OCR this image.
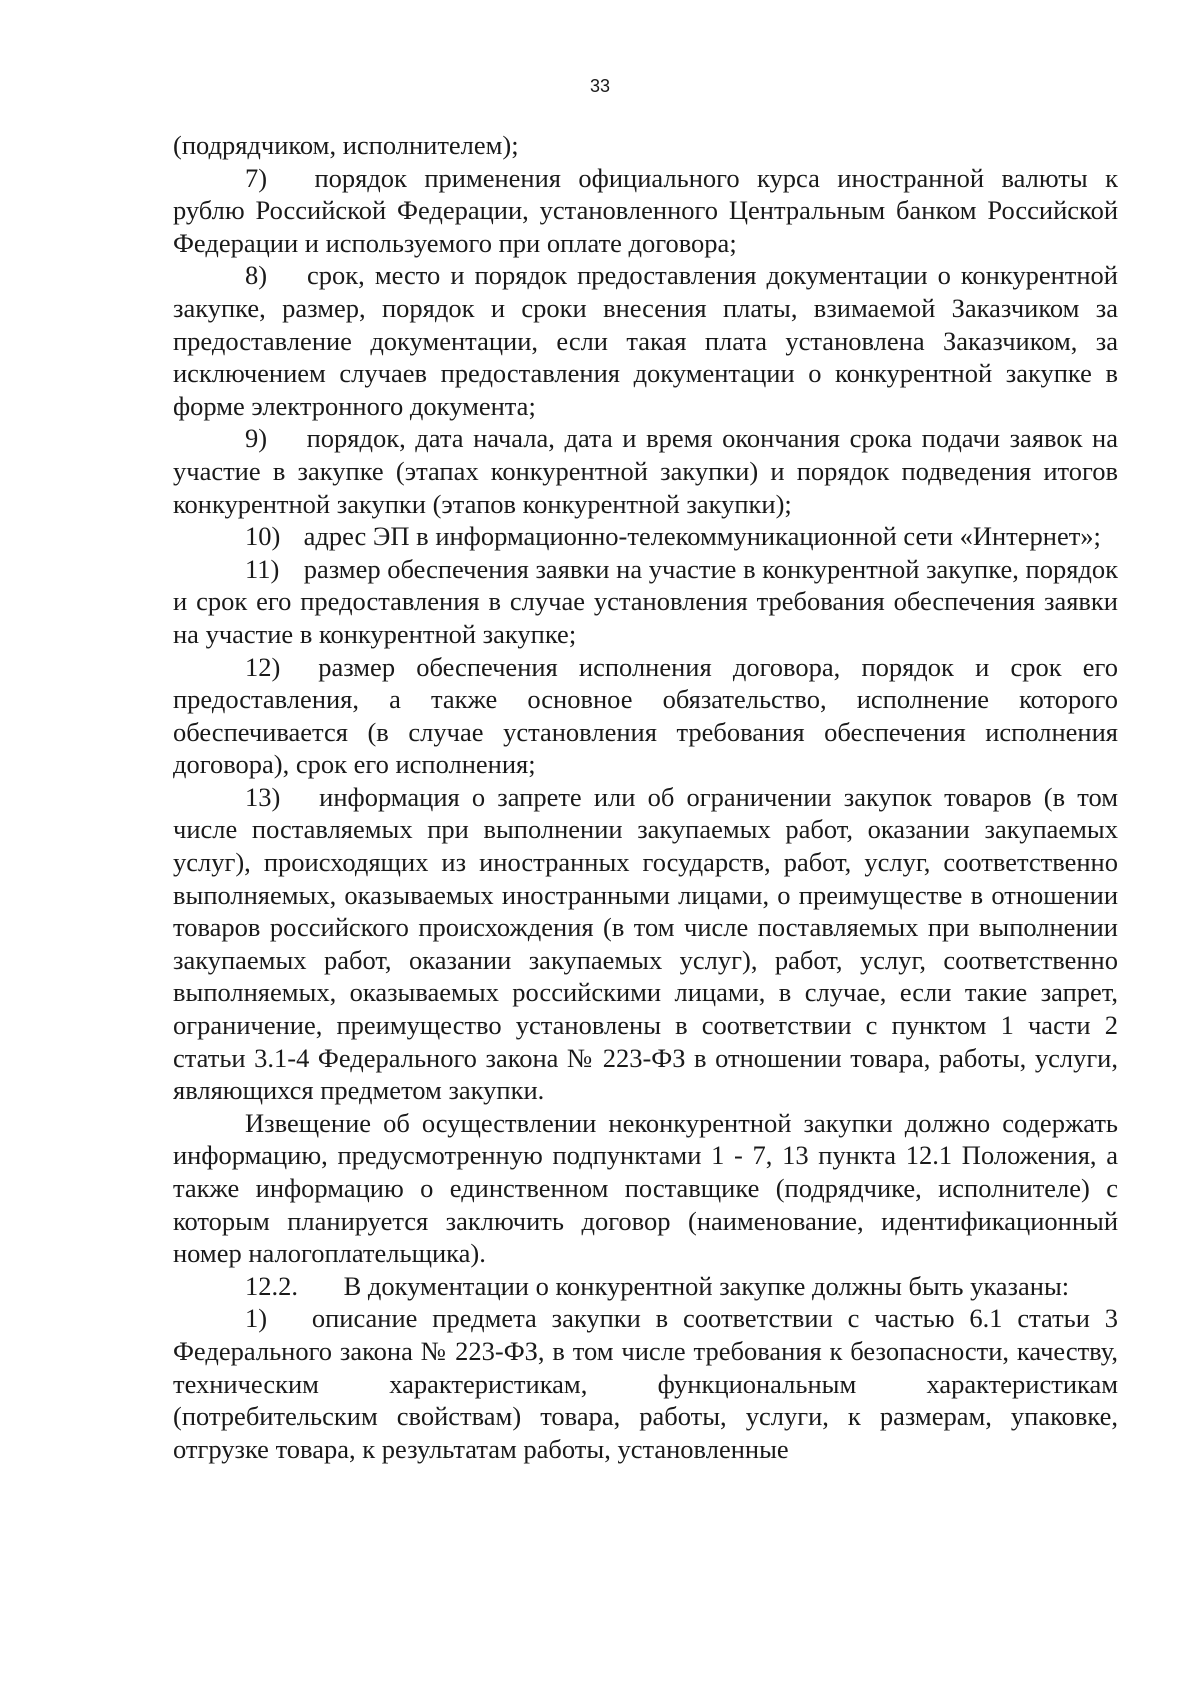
33

(подрядчиком, исполнителем);

7) порядок применения официального курса иностранной валюты к рублю Российской Федерации, установленного Центральным банком Российской Федерации и используемого при оплате договора;

8) срок, место и порядок предоставления документации о конкурентной закупке, размер, порядок и сроки внесения платы, взимаемой Заказчиком за предоставление документации, если такая плата установлена Заказчиком, за исключением случаев предоставления документации о конкурентной закупке в форме электронного документа;

9) порядок, дата начала, дата и время окончания срока подачи заявок на участие в закупке (этапах конкурентной закупки) и порядок подведения итогов конкурентной закупки (этапов конкурентной закупки);

10) адрес ЭП в информационно-телекоммуникационной сети «Интернет»;

11) размер обеспечения заявки на участие в конкурентной закупке, порядок и срок его предоставления в случае установления требования обеспечения заявки на участие в конкурентной закупке;

12) размер обеспечения исполнения договора, порядок и срок его предоставления, а также основное обязательство, исполнение которого обеспечивается (в случае установления требования обеспечения исполнения договора), срок его исполнения;

13) информация о запрете или об ограничении закупок товаров (в том числе поставляемых при выполнении закупаемых работ, оказании закупаемых услуг), происходящих из иностранных государств, работ, услуг, соответственно выполняемых, оказываемых иностранными лицами, о преимуществе в отношении товаров российского происхождения (в том числе поставляемых при выполнении закупаемых работ, оказании закупаемых услуг), работ, услуг, соответственно выполняемых, оказываемых российскими лицами, в случае, если такие запрет, ограничение, преимущество установлены в соответствии с пунктом 1 части 2 статьи 3.1-4 Федерального закона № 223-ФЗ в отношении товара, работы, услуги, являющихся предметом закупки.

Извещение об осуществлении неконкурентной закупки должно содержать информацию, предусмотренную подпунктами 1 - 7, 13 пункта 12.1 Положения, а также информацию о единственном поставщике (подрядчике, исполнителе) с которым планируется заключить договор (наименование, идентификационный номер налогоплательщика).

12.2. В документации о конкурентной закупке должны быть указаны:

1) описание предмета закупки в соответствии с частью 6.1 статьи 3 Федерального закона № 223-ФЗ, в том числе требования к безопасности, качеству, техническим характеристикам, функциональным характеристикам (потребительским свойствам) товара, работы, услуги, к размерам, упаковке, отгрузке товара, к результатам работы, установленные
